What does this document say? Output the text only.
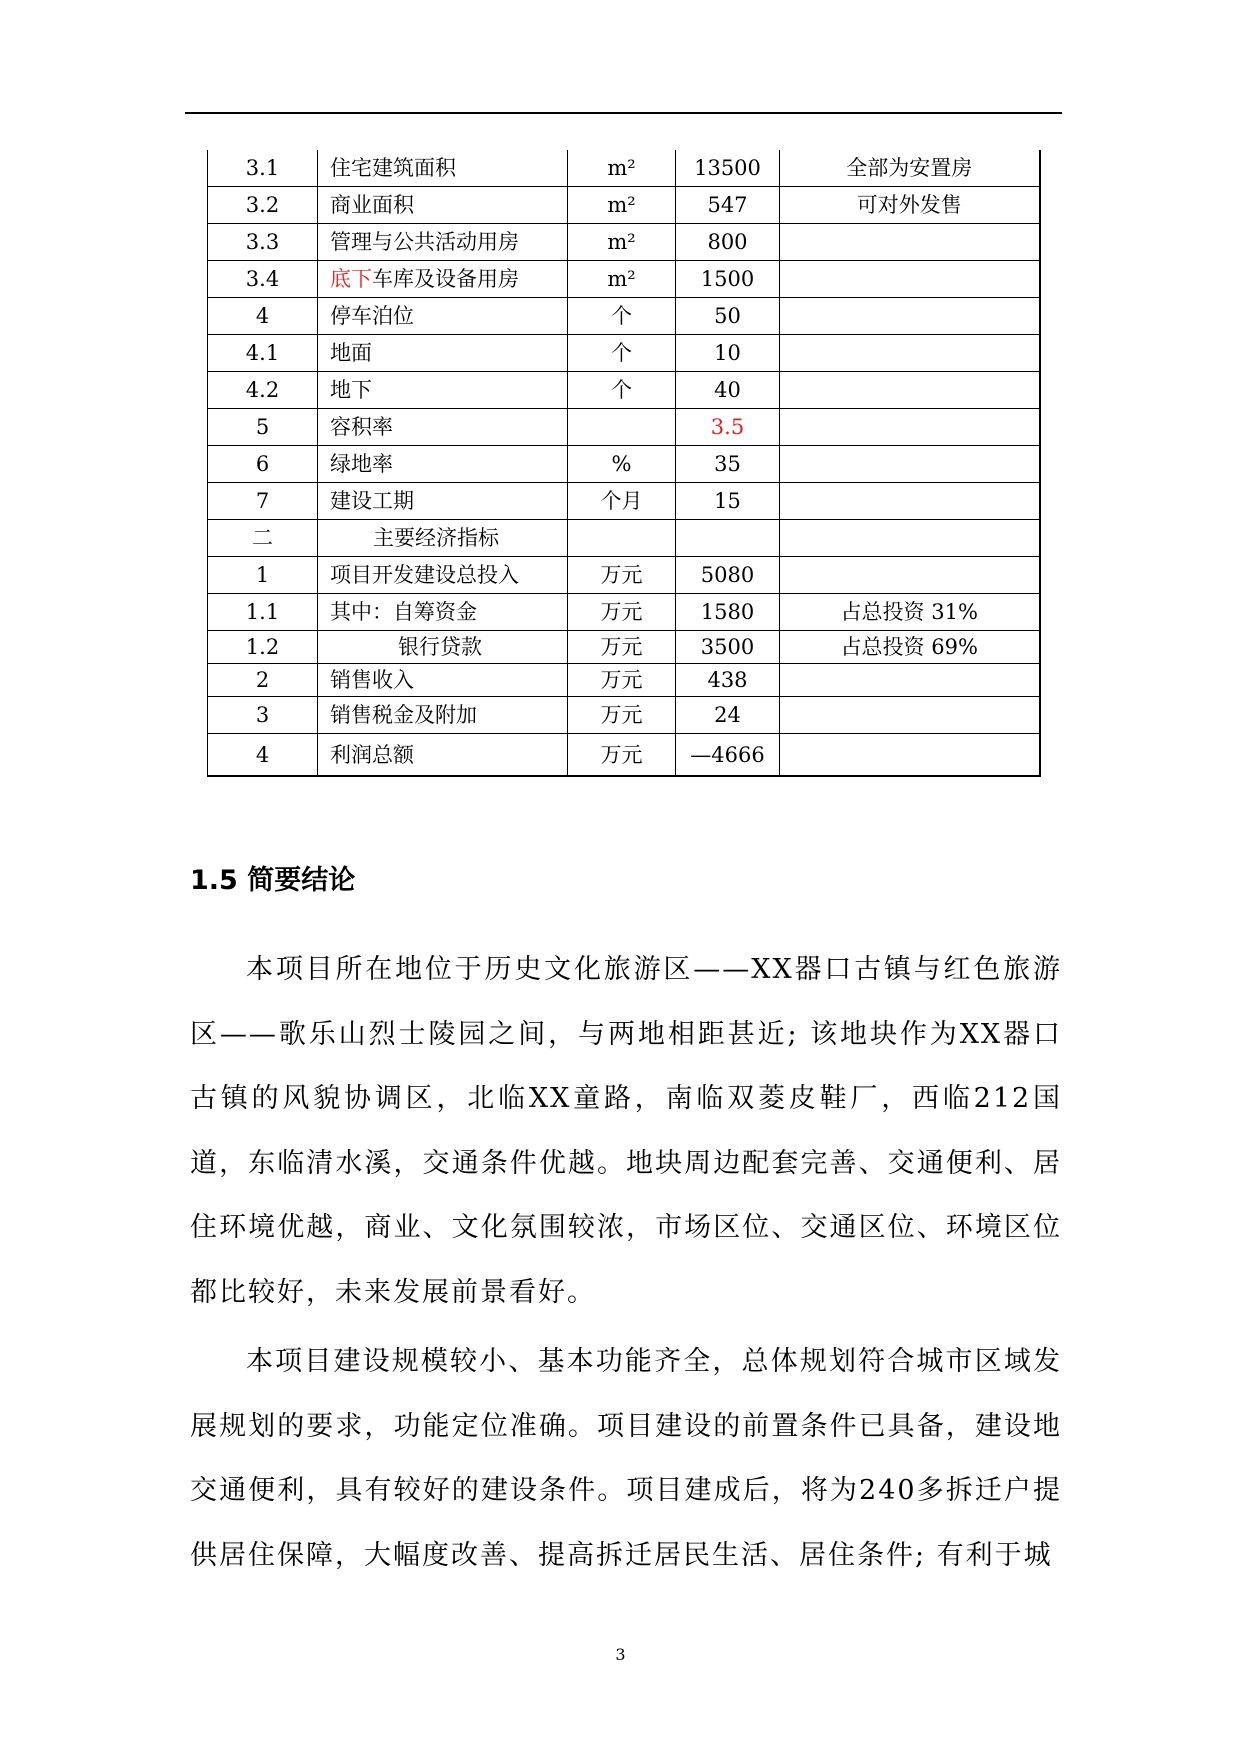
3.1	住宅建筑面积	m²	13500	全部为安置房
3.2	商业面积	m²	547	可对外发售
3.3	管理与公共活动用房	m²	800	
3.4	底下车库及设备用房	m²	1500	
4	停车泊位	个	50	
4.1	地面	个	10	
4.2	地下	个	40	
5	容积率		3.5	
6	绿地率	%	35	
7	建设工期	个月	15	
二	主要经济指标			
1	项目开发建设总投入	万元	5080	
1.1	其中：自筹资金	万元	1580	占总投资 31%
1.2	银行贷款	万元	3500	占总投资 69%
2	销售收入	万元	438	
3	销售税金及附加	万元	24	
4	利润总额	万元	—4666	
1.5 简要结论

本项目所在地位于历史文化旅游区——XX器口古镇与红色旅游区——歌乐山烈士陵园之间，与两地相距甚近; 该地块作为XX器口古镇的风貌协调区，北临XX童路，南临双菱皮鞋厂，西临212国道，东临清水溪，交通条件优越。地块周边配套完善、交通便利、居住环境优越，商业、文化氛围较浓，市场区位、交通区位、环境区位都比较好，未来发展前景看好。

本项目建设规模较小、基本功能齐全，总体规划符合城市区域发展规划的要求，功能定位准确。项目建设的前置条件已具备，建设地交通便利，具有较好的建设条件。项目建成后，将为240多拆迁户提供居住保障，大幅度改善、提高拆迁居民生活、居住条件; 有利于城

3
